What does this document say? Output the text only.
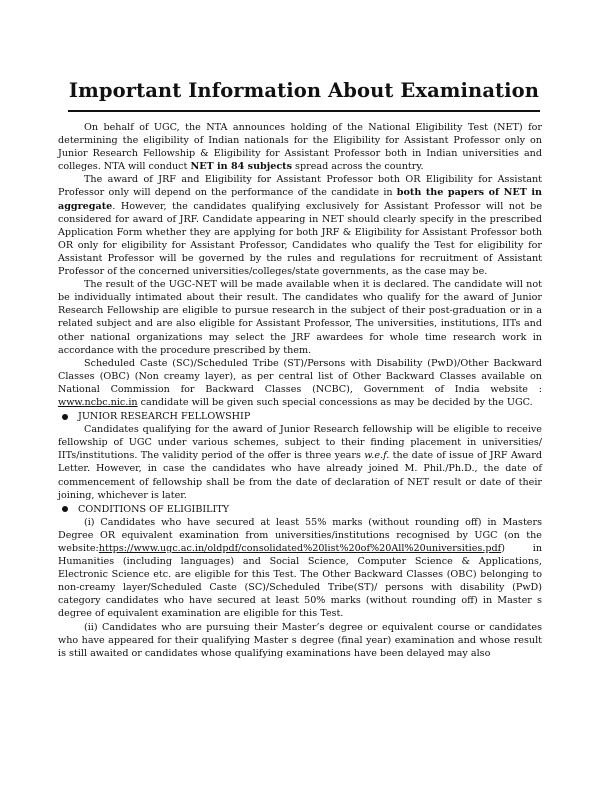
Important Information About Examination

On behalf of UGC, the NTA announces holding of the National Eligibility Test (NET) for determining the eligibility of Indian nationals for the Eligibility for Assistant Professor only on Junior Research Fellowship & Eligibility for Assistant Professor both in Indian universities and colleges. NTA will conduct NET in 84 subjects spread across the country.

The award of JRF and Eligibility for Assistant Professor both OR Eligibility for Assistant Professor only will depend on the performance of the candidate in both the papers of NET in aggregate. However, the candidates qualifying exclusively for Assistant Professor will not be considered for award of JRF. Candidate appearing in NET should clearly specify in the prescribed Application Form whether they are applying for both JRF & Eligibility for Assistant Professor both OR only for eligibility for Assistant Professor, Candidates who qualify the Test for eligibility for Assistant Professor will be governed by the rules and regulations for recruitment of Assistant Professor of the concerned universities/colleges/state governments, as the case may be.

The result of the UGC-NET will be made available when it is declared. The candidate will not be individually intimated about their result. The candidates who qualify for the award of Junior Research Fellowship are eligible to pursue research in the subject of their post-graduation or in a related subject and are also eligible for Assistant Professor, The universities, institutions, IITs and other national organizations may select the JRF awardees for whole time research work in accordance with the procedure prescribed by them.

Scheduled Caste (SC)/Scheduled Tribe (ST)/Persons with Disability (PwD)/Other Backward Classes (OBC) (Non creamy layer), as per central list of Other Backward Classes available on National Commission for Backward Classes (NCBC), Government of India website : www.ncbc.nic.in candidate will be given such special concessions as may be decided by the UGC.

JUNIOR RESEARCH FELLOWSHIP

Candidates qualifying for the award of Junior Research fellowship will be eligible to receive fellowship of UGC under various schemes, subject to their finding placement in universities/ IITs/institutions. The validity period of the offer is three years w.e.f. the date of issue of JRF Award Letter. However, in case the candidates who have already joined M. Phil./Ph.D., the date of commencement of fellowship shall be from the date of declaration of NET result or date of their joining, whichever is later.

CONDITIONS OF ELIGIBILITY

(i) Candidates who have secured at least 55% marks (without rounding off) in Masters Degree OR equivalent examination from universities/institutions recognised by UGC (on the website:https://www.ugc.ac.in/oldpdf/consolidated%20list%20of%20All%20universities.pdf) in Humanities (including languages) and Social Science, Computer Science & Applications, Electronic Science etc. are eligible for this Test. The Other Backward Classes (OBC) belonging to non-creamy layer/Scheduled Caste (SC)/Scheduled Tribe(ST)/ persons with disability (PwD) category candidates who have secured at least 50% marks (without rounding off) in Master s degree of equivalent examination are eligible for this Test.

(ii) Candidates who are pursuing their Master’s degree or equivalent course or candidates who have appeared for their qualifying Master s degree (final year) examination and whose result is still awaited or candidates whose qualifying examinations have been delayed may also
